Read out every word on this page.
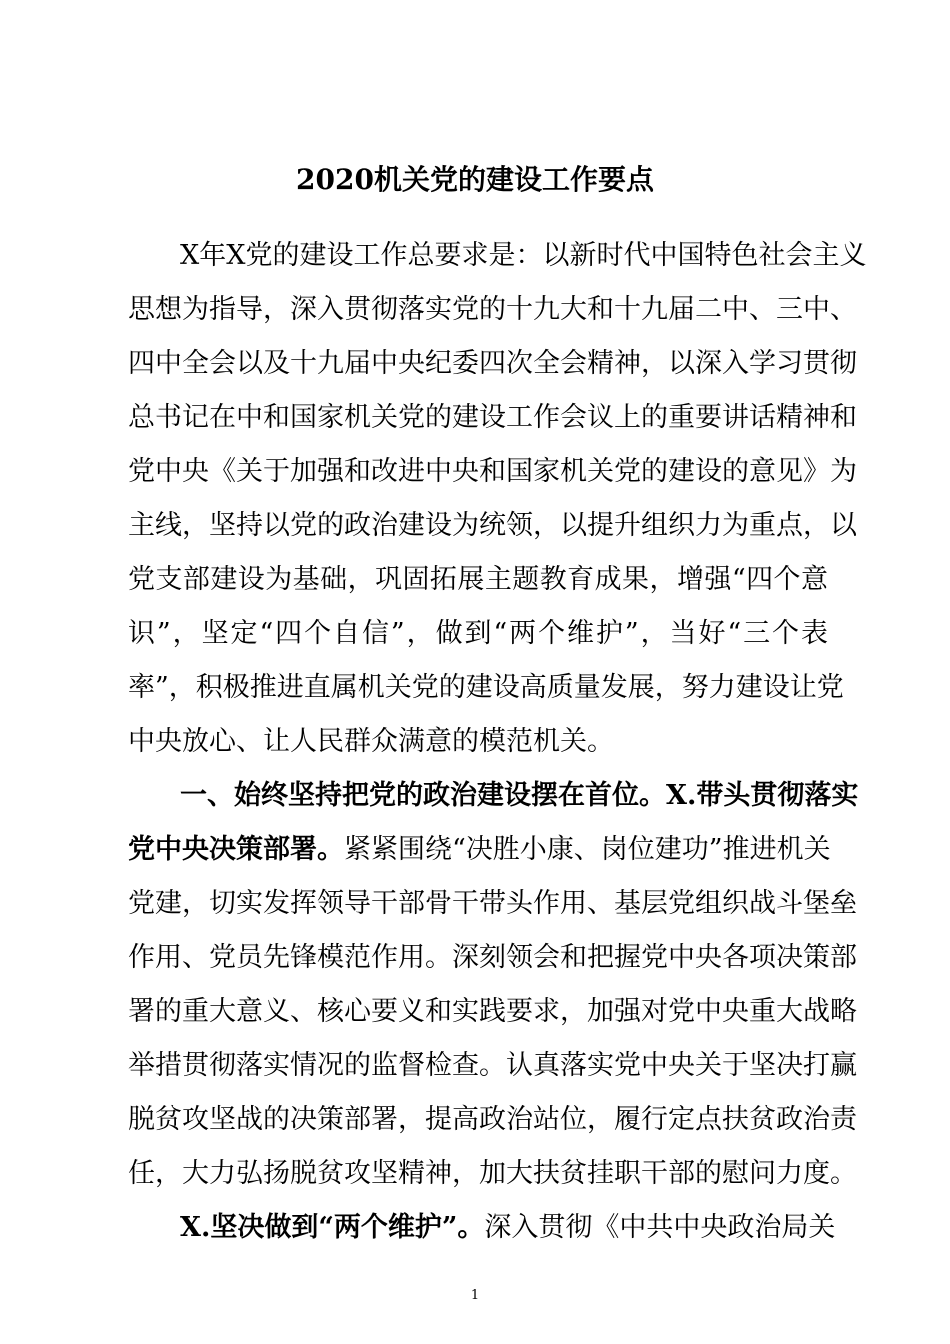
2020机关党的建设工作要点
X年X党的建设工作总要求是：以新时代中国特色社会主义
思想为指导，深入贯彻落实党的十九大和十九届二中、三中、
四中全会以及十九届中央纪委四次全会精神，以深入学习贯彻
总书记在中和国家机关党的建设工作会议上的重要讲话精神和
党中央《关于加强和改进中央和国家机关党的建设的意见》为
主线，坚持以党的政治建设为统领，以提升组织力为重点，以
党支部建设为基础，巩固拓展主题教育成果，增强“四个意
识”，坚定“四个自信”，做到“两个维护”，当好“三个表
率”，积极推进直属机关党的建设高质量发展，努力建设让党
中央放心、让人民群众满意的模范机关。
一、始终坚持把党的政治建设摆在首位。X.带头贯彻落实
党中央决策部署。紧紧围绕“决胜小康、岗位建功”推进机关
党建，切实发挥领导干部骨干带头作用、基层党组织战斗堡垒
作用、党员先锋模范作用。深刻领会和把握党中央各项决策部
署的重大意义、核心要义和实践要求，加强对党中央重大战略
举措贯彻落实情况的监督检查。认真落实党中央关于坚决打赢
脱贫攻坚战的决策部署，提高政治站位，履行定点扶贫政治责
任，大力弘扬脱贫攻坚精神，加大扶贫挂职干部的慰问力度。
X.坚决做到“两个维护”。深入贯彻《中共中央政治局关
1
